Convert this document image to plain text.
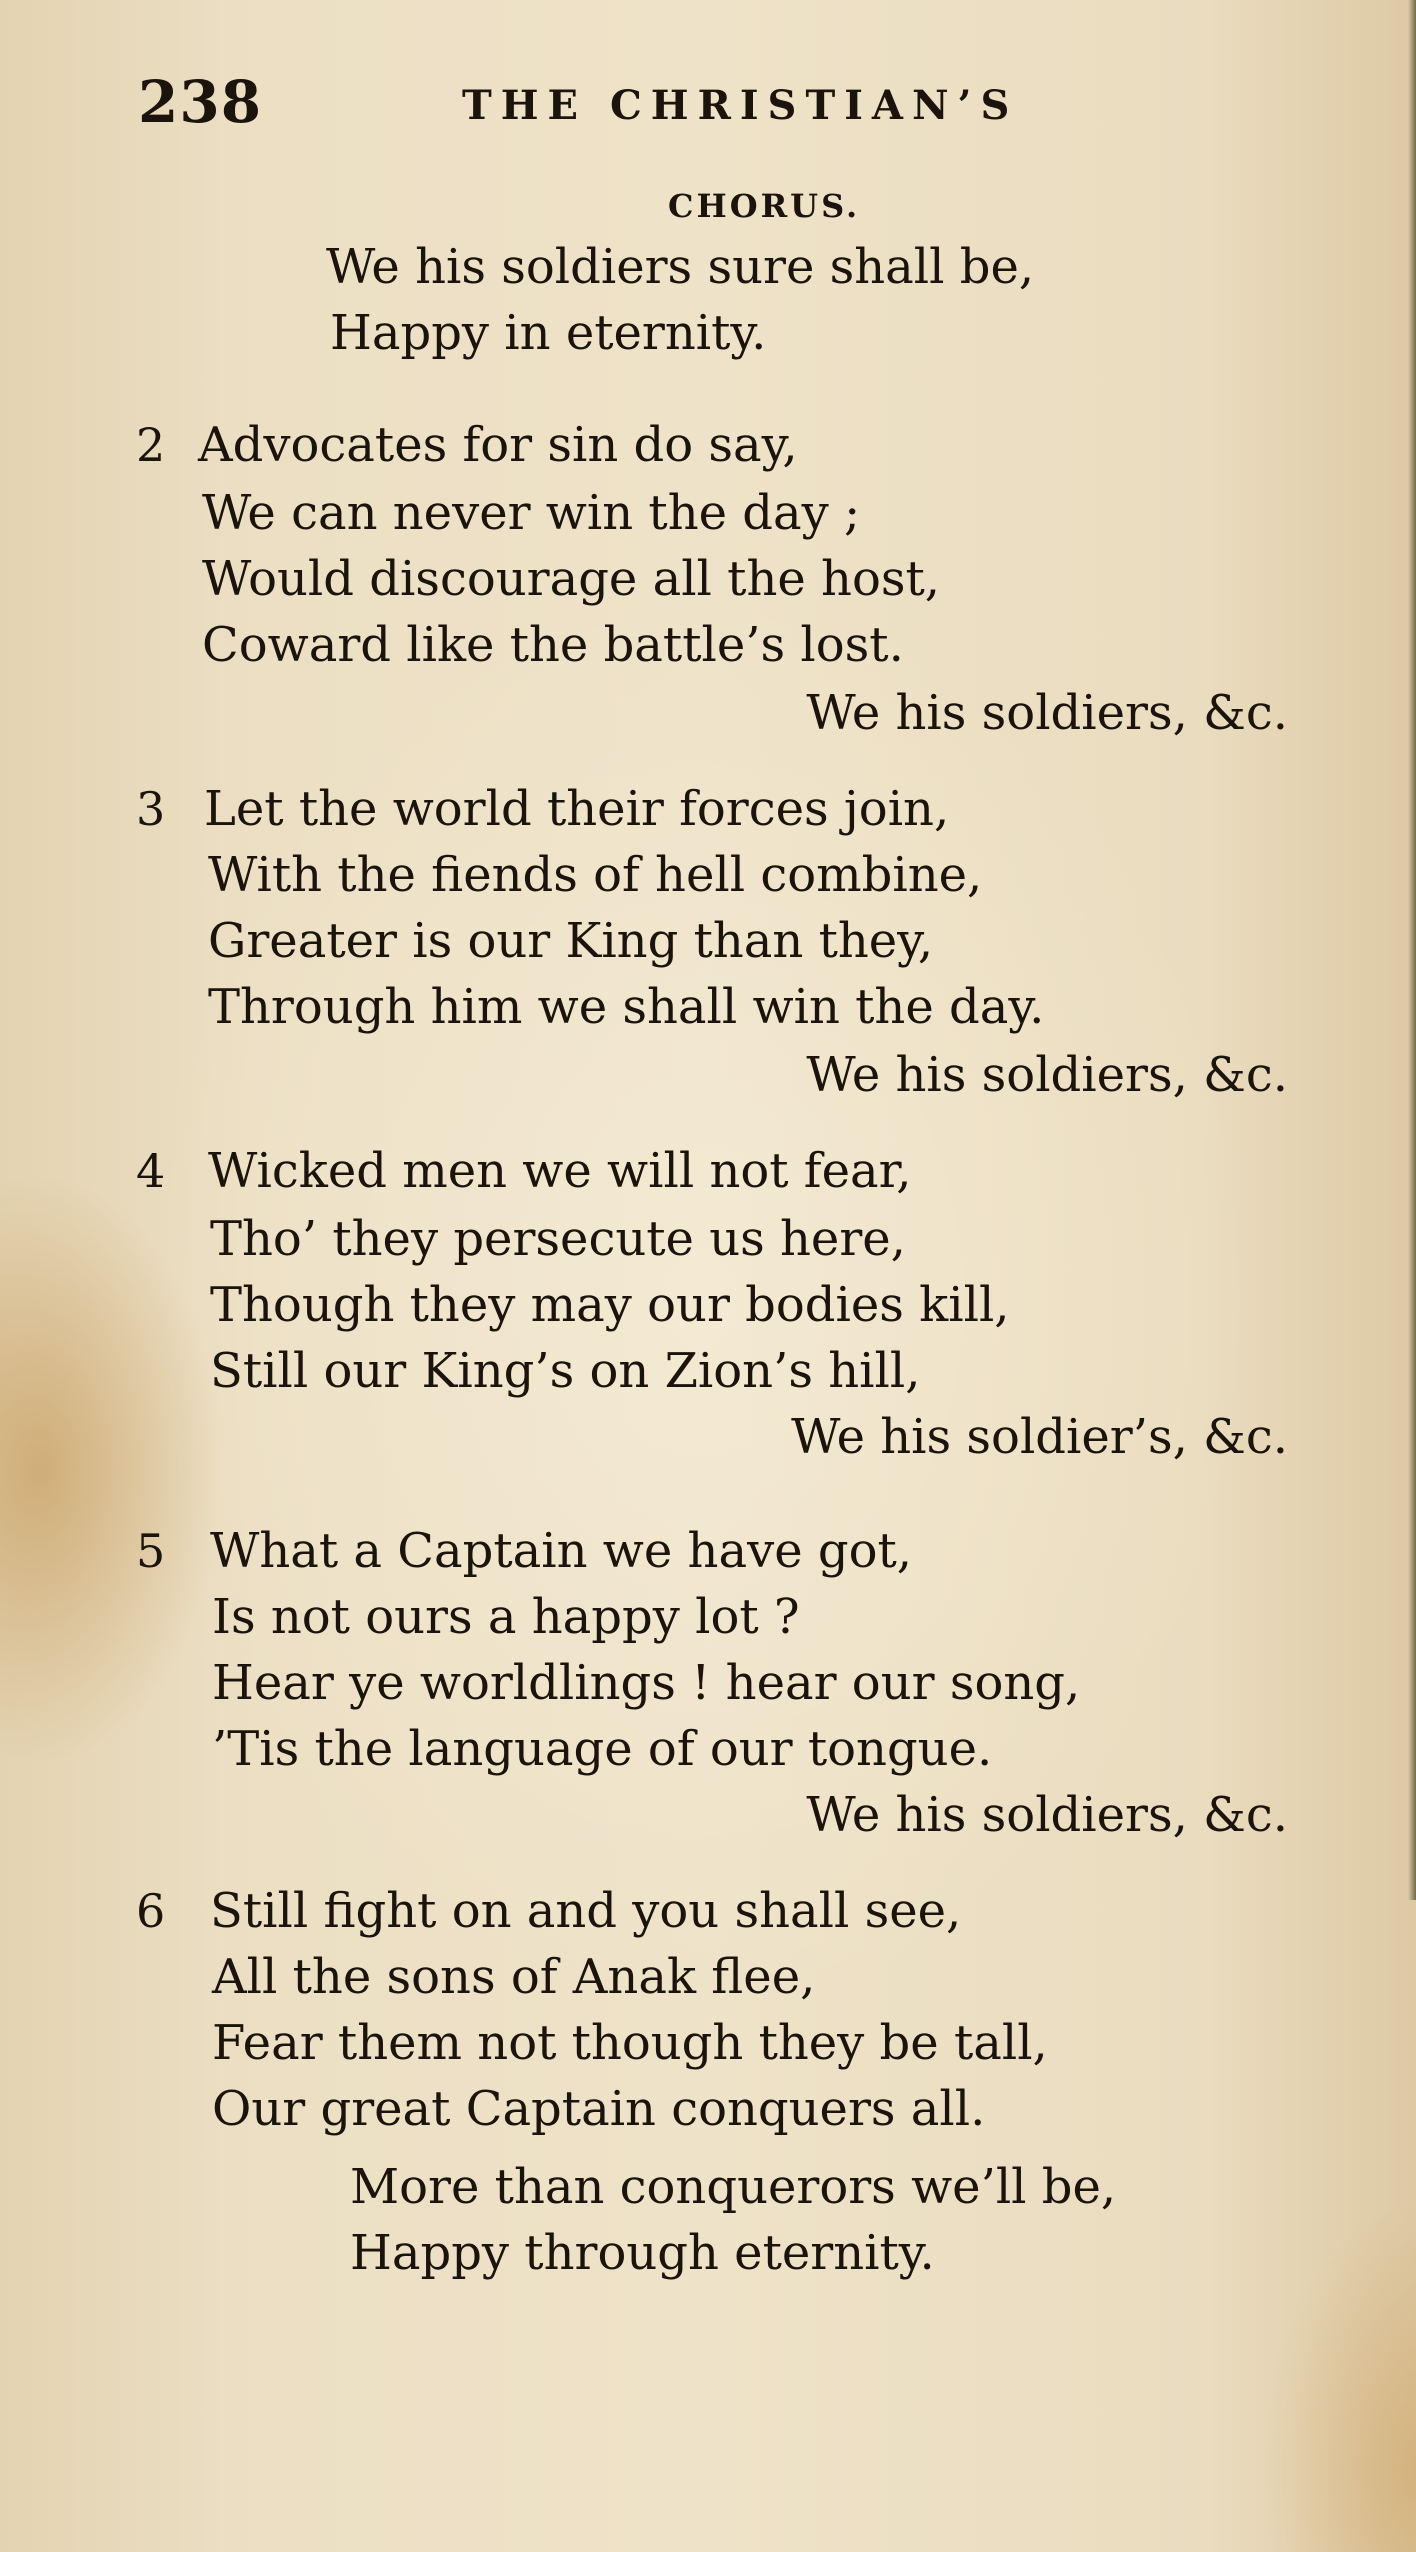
238	THE CHRISTIAN’S
CHORUS.
We his soldiers sure shall be,
Happy in eternity.
2 Advocates for sin do say,
We can never win the day ;
Would discourage all the host,
Coward like the battle’s lost.
We his soldiers, &c.
3 Let the world their forces join,
With the fiends of hell combine,
Greater is our King than they,
Through him we shall win the day.
We his soldiers, &c.
4 Wicked men we will not fear,
Tho’ they persecute us here,
Though they may our bodies kill,
Still our King’s on Zion’s hill,
We his soldier’s, &c.
5 What a Captain we have got,
Is not ours a happy lot ?
Hear ye worldlings ! hear our song,
’Tis the language of our tongue.
We his soldiers, &c.
6 Still fight on and you shall see,
All the sons of Anak flee,
Fear them not though they be tall,
Our great Captain conquers all.
More than conquerors we’ll be,
Happy through eternity.
